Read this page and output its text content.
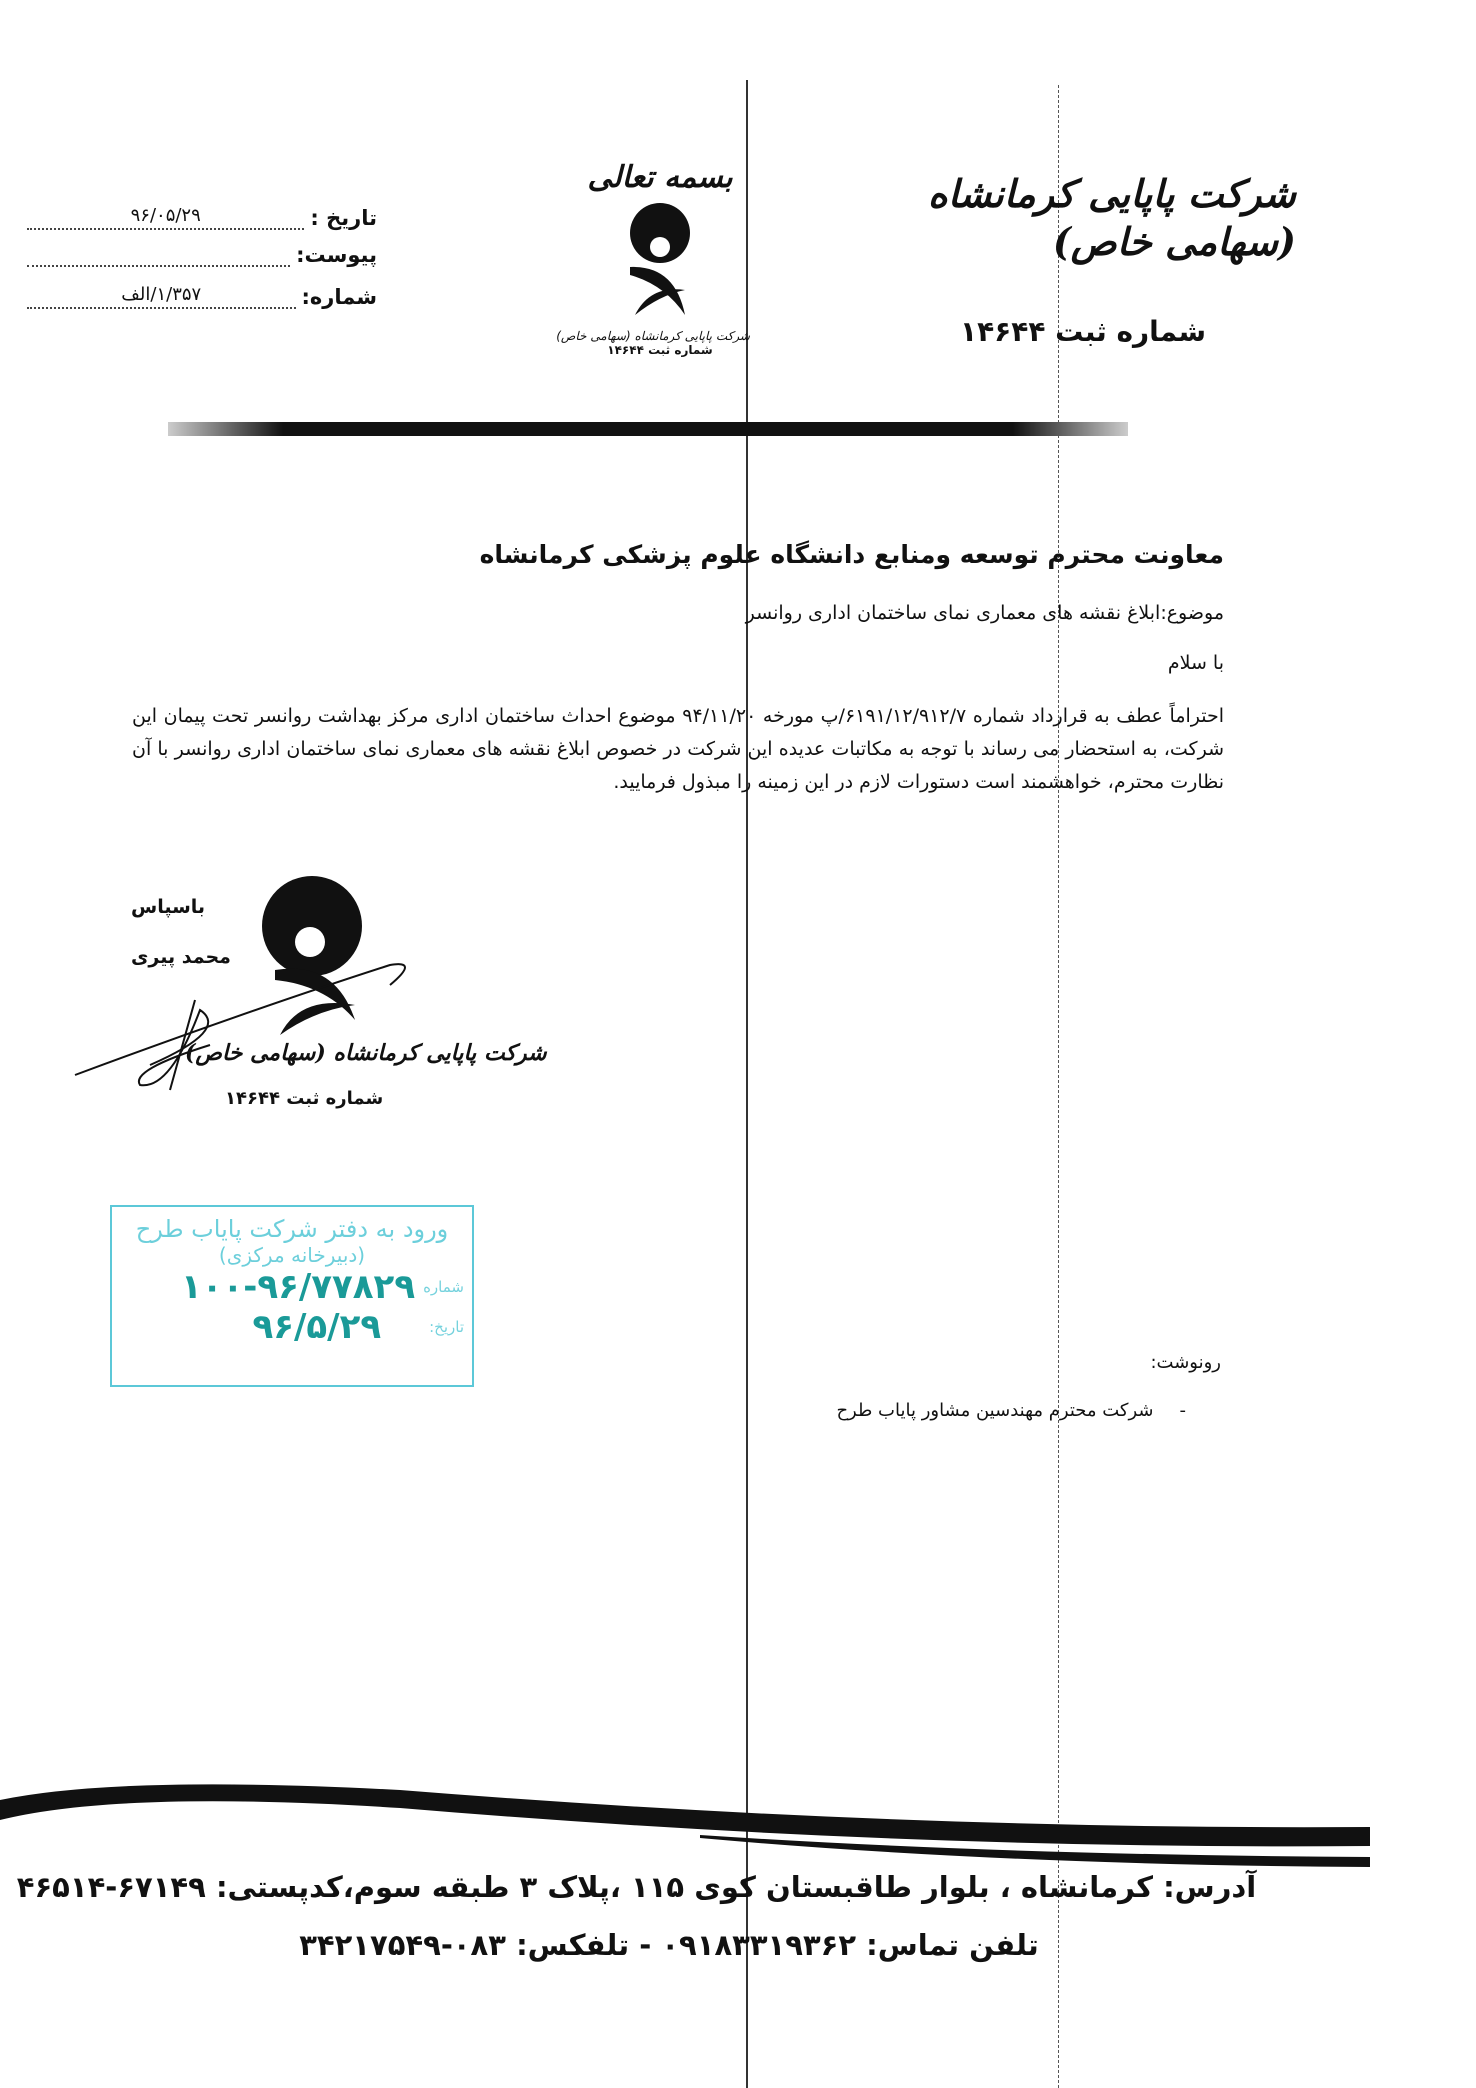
شرکت پاپایی کرمانشاه (سهامی خاص)
شماره ثبت ۱۴۶۴۴
بسمه تعالی
شرکت پاپایی کرمانشاه (سهامی خاص)
شماره ثبت ۱۴۶۴۴
تاریخ :
۹۶/۰۵/۲۹
پیوست:
شماره:
۱/۳۵۷/الف
معاونت محترم توسعه ومنابع دانشگاه علوم پزشکی کرمانشاه
موضوع:ابلاغ نقشه های معماری نمای ساختمان اداری روانسر
با سلام
احتراماً عطف به قرارداد شماره ۶۱۹۱/۱۲/۹۱۲/۷/پ مورخه ۹۴/۱۱/۲۰ موضوع احداث ساختمان اداری مرکز بهداشت روانسر تحت پیمان این شرکت، به استحضار می رساند با توجه به مکاتبات عدیده این شرکت در خصوص ابلاغ نقشه های معماری نمای ساختمان اداری روانسر با آن نظارت محترم، خواهشمند است دستورات لازم در این زمینه را مبذول فرمایید.
باسپاس
محمد پیری
شرکت پاپایی کرمانشاه (سهامی خاص)
شماره ثبت ۱۴۶۴۴
ورود به دفتر شرکت پایاب طرح
(دبیرخانه مرکزی)
شماره
۱۰۰-۹۶/۷۷۸۲۹
تاریخ:
۹۶/۵/۲۹
رونوشت:
-
شرکت محترم مهندسین مشاور پایاب طرح
آدرس: کرمانشاه ، بلوار طاقبستان کوی ۱۱۵ ،پلاک ۳ طبقه سوم،کدپستی: ۶۷۱۴۹-۴۶۵۱۴
تلفن تماس: ۰۹۱۸۳۳۱۹۳۶۲ - تلفکس: ۰۸۳-۳۴۲۱۷۵۴۹
